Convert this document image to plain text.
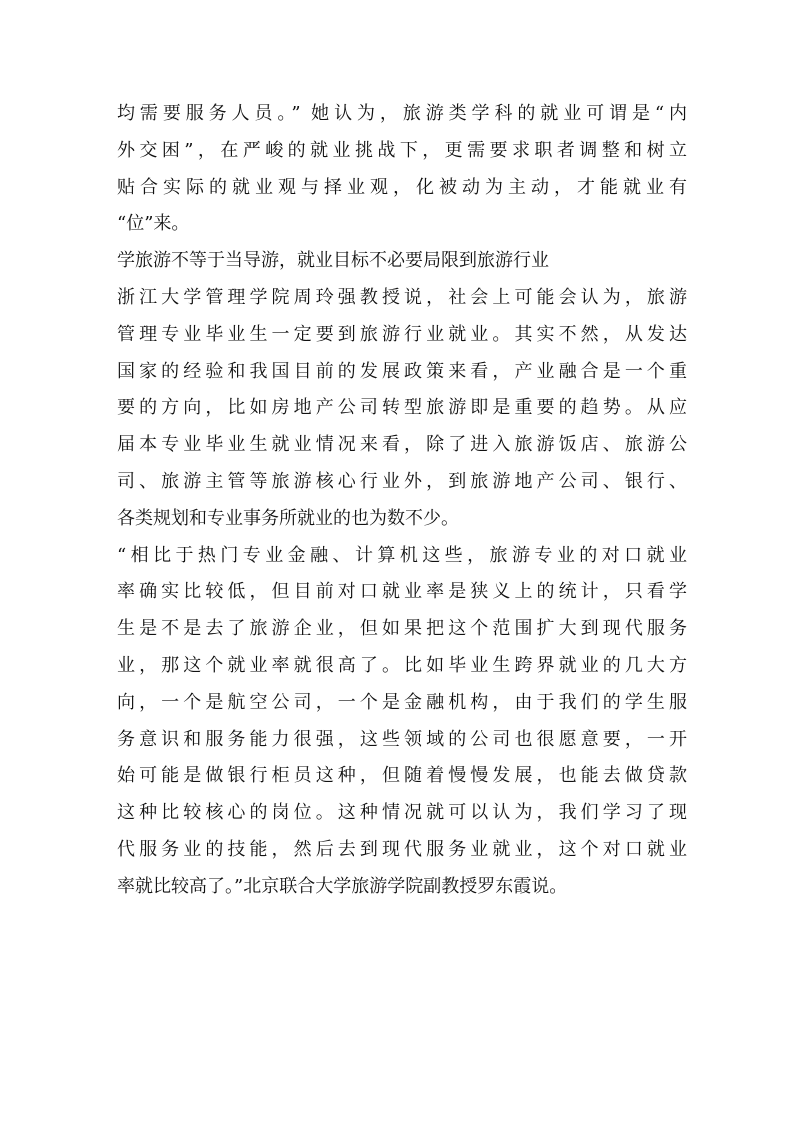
均需要服务人员。” 她认为，旅游类学科的就业可谓是“内
外交困”，在严峻的就业挑战下，更需要求职者调整和树立
贴合实际的就业观与择业观，化被动为主动，才能就业有
“位”来。
学旅游不等于当导游，就业目标不必要局限到旅游行业
浙江大学管理学院周玲强教授说，社会上可能会认为，旅游
管理专业毕业生一定要到旅游行业就业。其实不然，从发达
国家的经验和我国目前的发展政策来看，产业融合是一个重
要的方向，比如房地产公司转型旅游即是重要的趋势。从应
届本专业毕业生就业情况来看，除了进入旅游饭店、旅游公
司、旅游主管等旅游核心行业外，到旅游地产公司、银行、
各类规划和专业事务所就业的也为数不少。
“相比于热门专业金融、计算机这些，旅游专业的对口就业
率确实比较低，但目前对口就业率是狭义上的统计，只看学
生是不是去了旅游企业，但如果把这个范围扩大到现代服务
业，那这个就业率就很高了。比如毕业生跨界就业的几大方
向，一个是航空公司，一个是金融机构，由于我们的学生服
务意识和服务能力很强，这些领域的公司也很愿意要，一开
始可能是做银行柜员这种，但随着慢慢发展，也能去做贷款
这种比较核心的岗位。这种情况就可以认为，我们学习了现
代服务业的技能，然后去到现代服务业就业，这个对口就业
率就比较高了。”北京联合大学旅游学院副教授罗东霞说。
